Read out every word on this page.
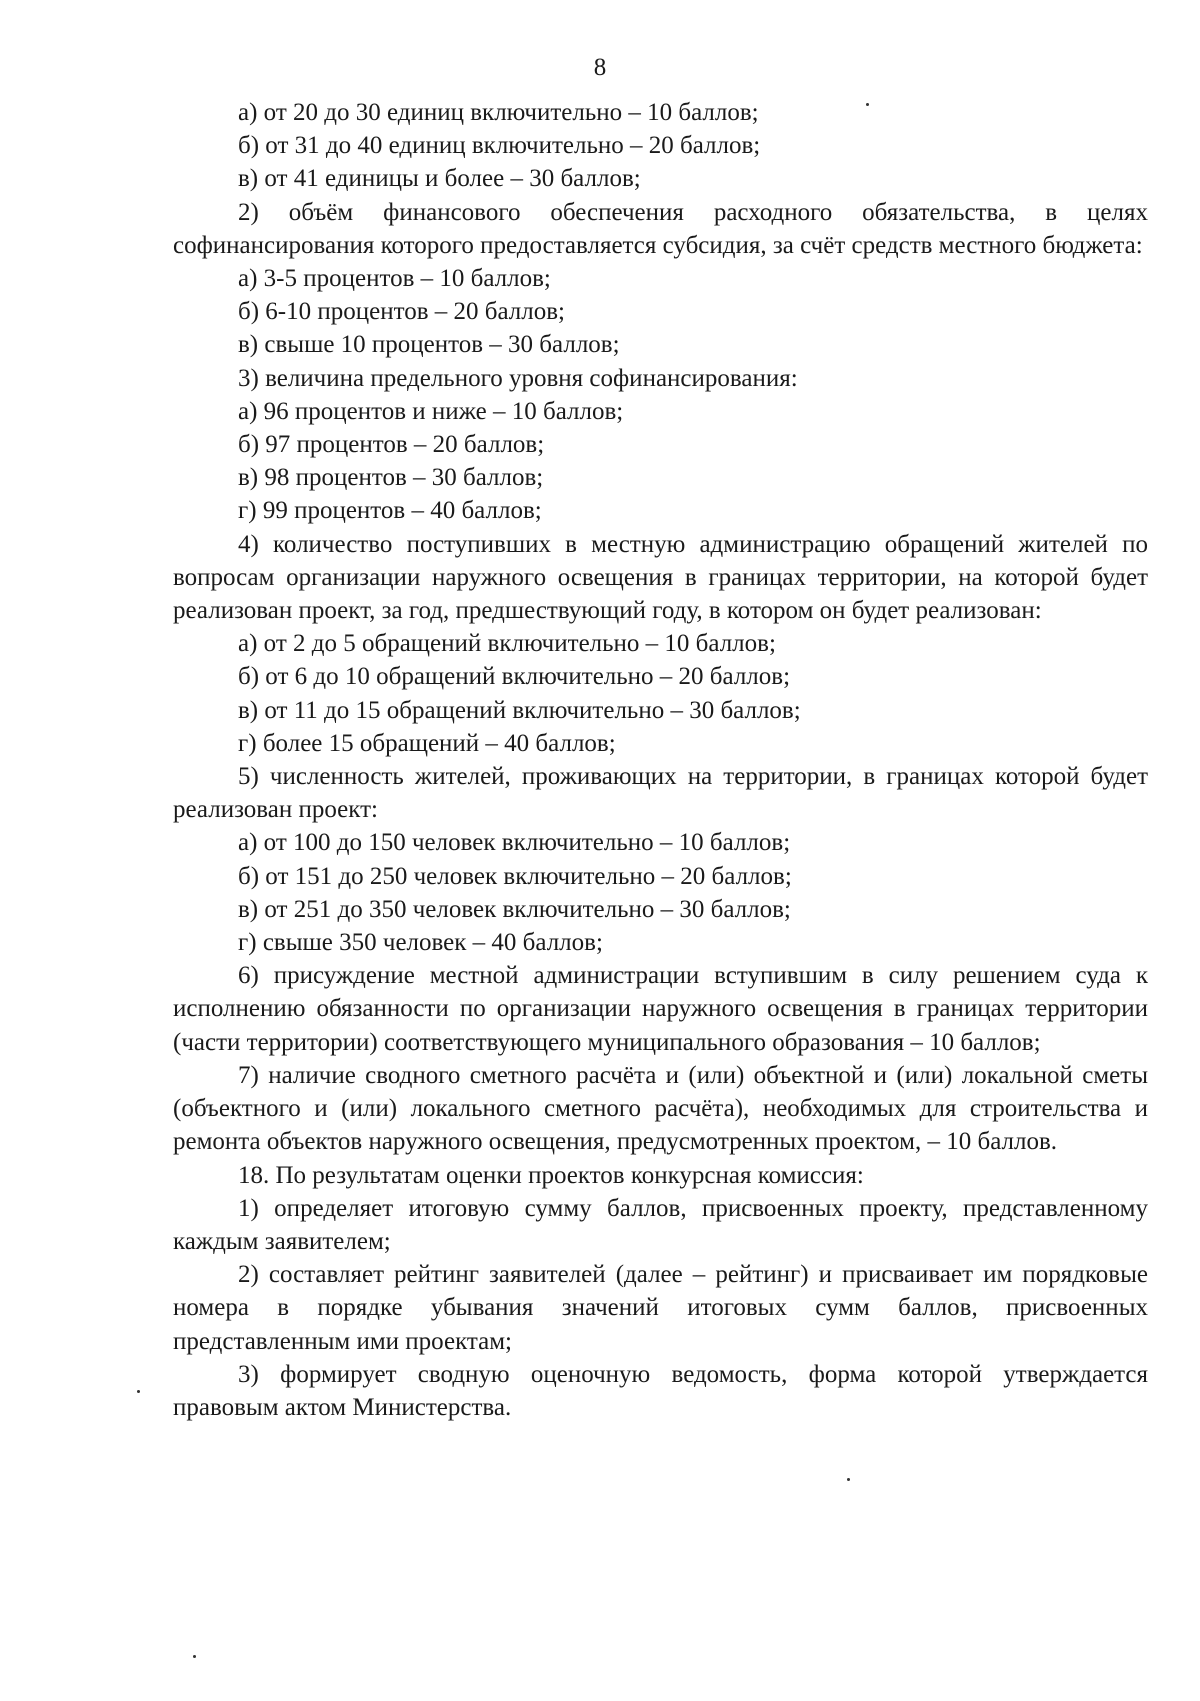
8

а) от 20 до 30 единиц включительно – 10 баллов;

б) от 31 до 40 единиц включительно – 20 баллов;

в) от 41 единицы и более – 30 баллов;

2) объём финансового обеспечения расходного обязательства, в целях софинансирования которого предоставляется субсидия, за счёт средств местного бюджета:

а) 3-5 процентов – 10 баллов;

б) 6-10 процентов – 20 баллов;

в) свыше 10 процентов – 30 баллов;

3) величина предельного уровня софинансирования:

а) 96 процентов и ниже – 10 баллов;

б) 97 процентов – 20 баллов;

в) 98 процентов – 30 баллов;

г) 99 процентов – 40 баллов;

4) количество поступивших в местную администрацию обращений жителей по вопросам организации наружного освещения в границах территории, на которой будет реализован проект, за год, предшествующий году, в котором он будет реализован:

а) от 2 до 5 обращений включительно – 10 баллов;

б) от 6 до 10 обращений включительно – 20 баллов;

в) от 11 до 15 обращений включительно – 30 баллов;

г) более 15 обращений – 40 баллов;

5) численность жителей, проживающих на территории, в границах которой будет реализован проект:

а) от 100 до 150 человек включительно – 10 баллов;

б) от 151 до 250 человек включительно – 20 баллов;

в) от 251 до 350 человек включительно – 30 баллов;

г) свыше 350 человек – 40 баллов;

6) присуждение местной администрации вступившим в силу решением суда к исполнению обязанности по организации наружного освещения в границах территории (части территории) соответствующего муниципального образования – 10 баллов;

7) наличие сводного сметного расчёта и (или) объектной и (или) локальной сметы (объектного и (или) локального сметного расчёта), необходимых для строительства и ремонта объектов наружного освещения, предусмотренных проектом, – 10 баллов.

18. По результатам оценки проектов конкурсная комиссия:

1) определяет итоговую сумму баллов, присвоенных проекту, представленному каждым заявителем;

2) составляет рейтинг заявителей (далее – рейтинг) и присваивает им порядковые номера в порядке убывания значений итоговых сумм баллов, присвоенных представленным ими проектам;

3) формирует сводную оценочную ведомость, форма которой утверждается правовым актом Министерства.
